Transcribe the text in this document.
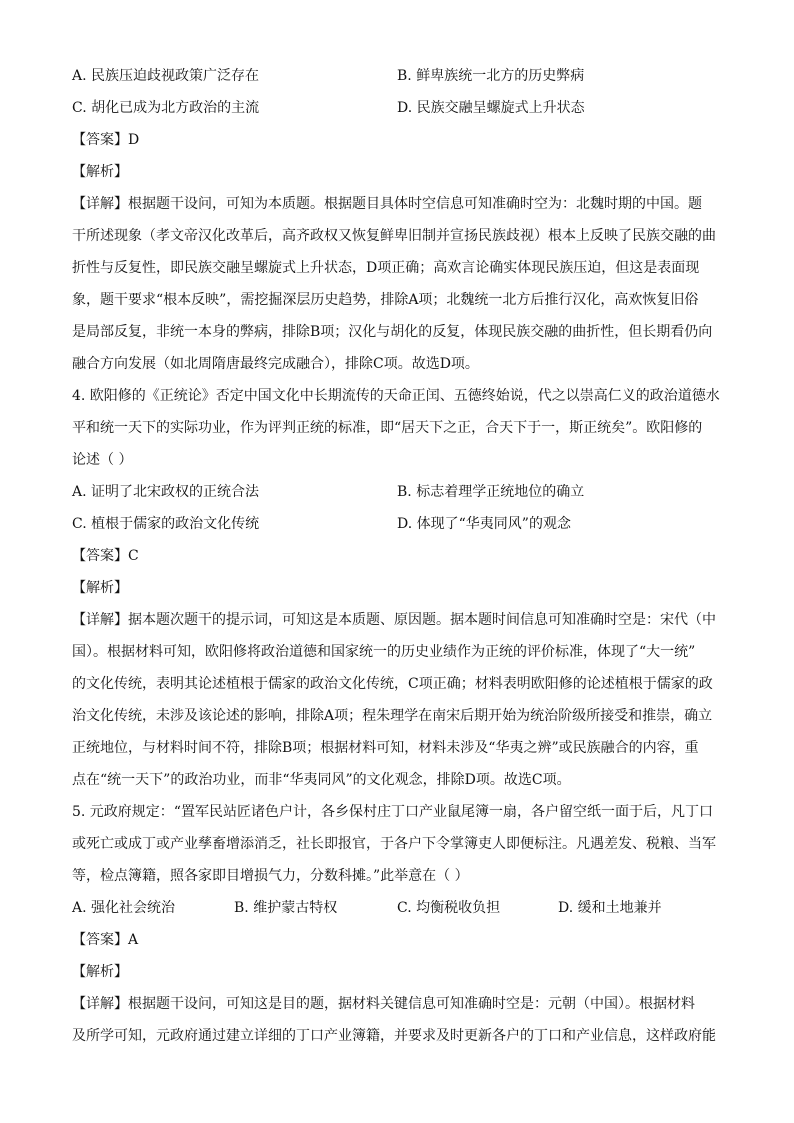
A. 民族压迫歧视政策广泛存在	B. 鲜卑族统一北方的历史弊病
C. 胡化已成为北方政治的主流	D. 民族交融呈螺旋式上升状态
【答案】D
【解析】
【详解】根据题干设问，可知为本质题。根据题目具体时空信息可知准确时空为：北魏时期的中国。题
干所述现象（孝文帝汉化改革后，高齐政权又恢复鲜卑旧制并宣扬民族歧视）根本上反映了民族交融的曲
折性与反复性，即民族交融呈螺旋式上升状态，D项正确；高欢言论确实体现民族压迫，但这是表面现
象，题干要求“根本反映”，需挖掘深层历史趋势，排除A项；北魏统一北方后推行汉化，高欢恢复旧俗
是局部反复，非统一本身的弊病，排除B项；汉化与胡化的反复，体现民族交融的曲折性，但长期看仍向
融合方向发展（如北周隋唐最终完成融合），排除C项。故选D项。
4. 欧阳修的《正统论》否定中国文化中长期流传的天命正闰、五德终始说，代之以崇高仁义的政治道德水
平和统一天下的实际功业，作为评判正统的标准，即“居天下之正，合天下于一，斯正统矣”。欧阳修的
论述（ ）
A. 证明了北宋政权的正统合法	B. 标志着理学正统地位的确立
C. 植根于儒家的政治文化传统	D. 体现了“华夷同风”的观念
【答案】C
【解析】
【详解】据本题次题干的提示词，可知这是本质题、原因题。据本题时间信息可知准确时空是：宋代（中
国）。根据材料可知，欧阳修将政治道德和国家统一的历史业绩作为正统的评价标准，体现了“大一统”
的文化传统，表明其论述植根于儒家的政治文化传统，C项正确；材料表明欧阳修的论述植根于儒家的政
治文化传统，未涉及该论述的影响，排除A项；程朱理学在南宋后期开始为统治阶级所接受和推崇，确立
正统地位，与材料时间不符，排除B项；根据材料可知，材料未涉及“华夷之辨”或民族融合的内容，重
点在“统一天下”的政治功业，而非“华夷同风”的文化观念，排除D项。故选C项。
5. 元政府规定：“置军民站匠诸色户计，各乡保村庄丁口产业鼠尾簿一扇，各户留空纸一面于后，凡丁口
或死亡或成丁或产业孳畜增添消乏，社长即报官，于各户下令掌簿吏人即便标注。凡遇差发、税粮、当军
等，检点簿籍，照各家即目增损气力，分数科摊。”此举意在（ ）
A. 强化社会统治	B. 维护蒙古特权	C. 均衡税收负担	D. 缓和土地兼并
【答案】A
【解析】
【详解】根据题干设问，可知这是目的题，据材料关键信息可知准确时空是：元朝（中国）。根据材料
及所学可知，元政府通过建立详细的丁口产业簿籍，并要求及时更新各户的丁口和产业信息，这样政府能
